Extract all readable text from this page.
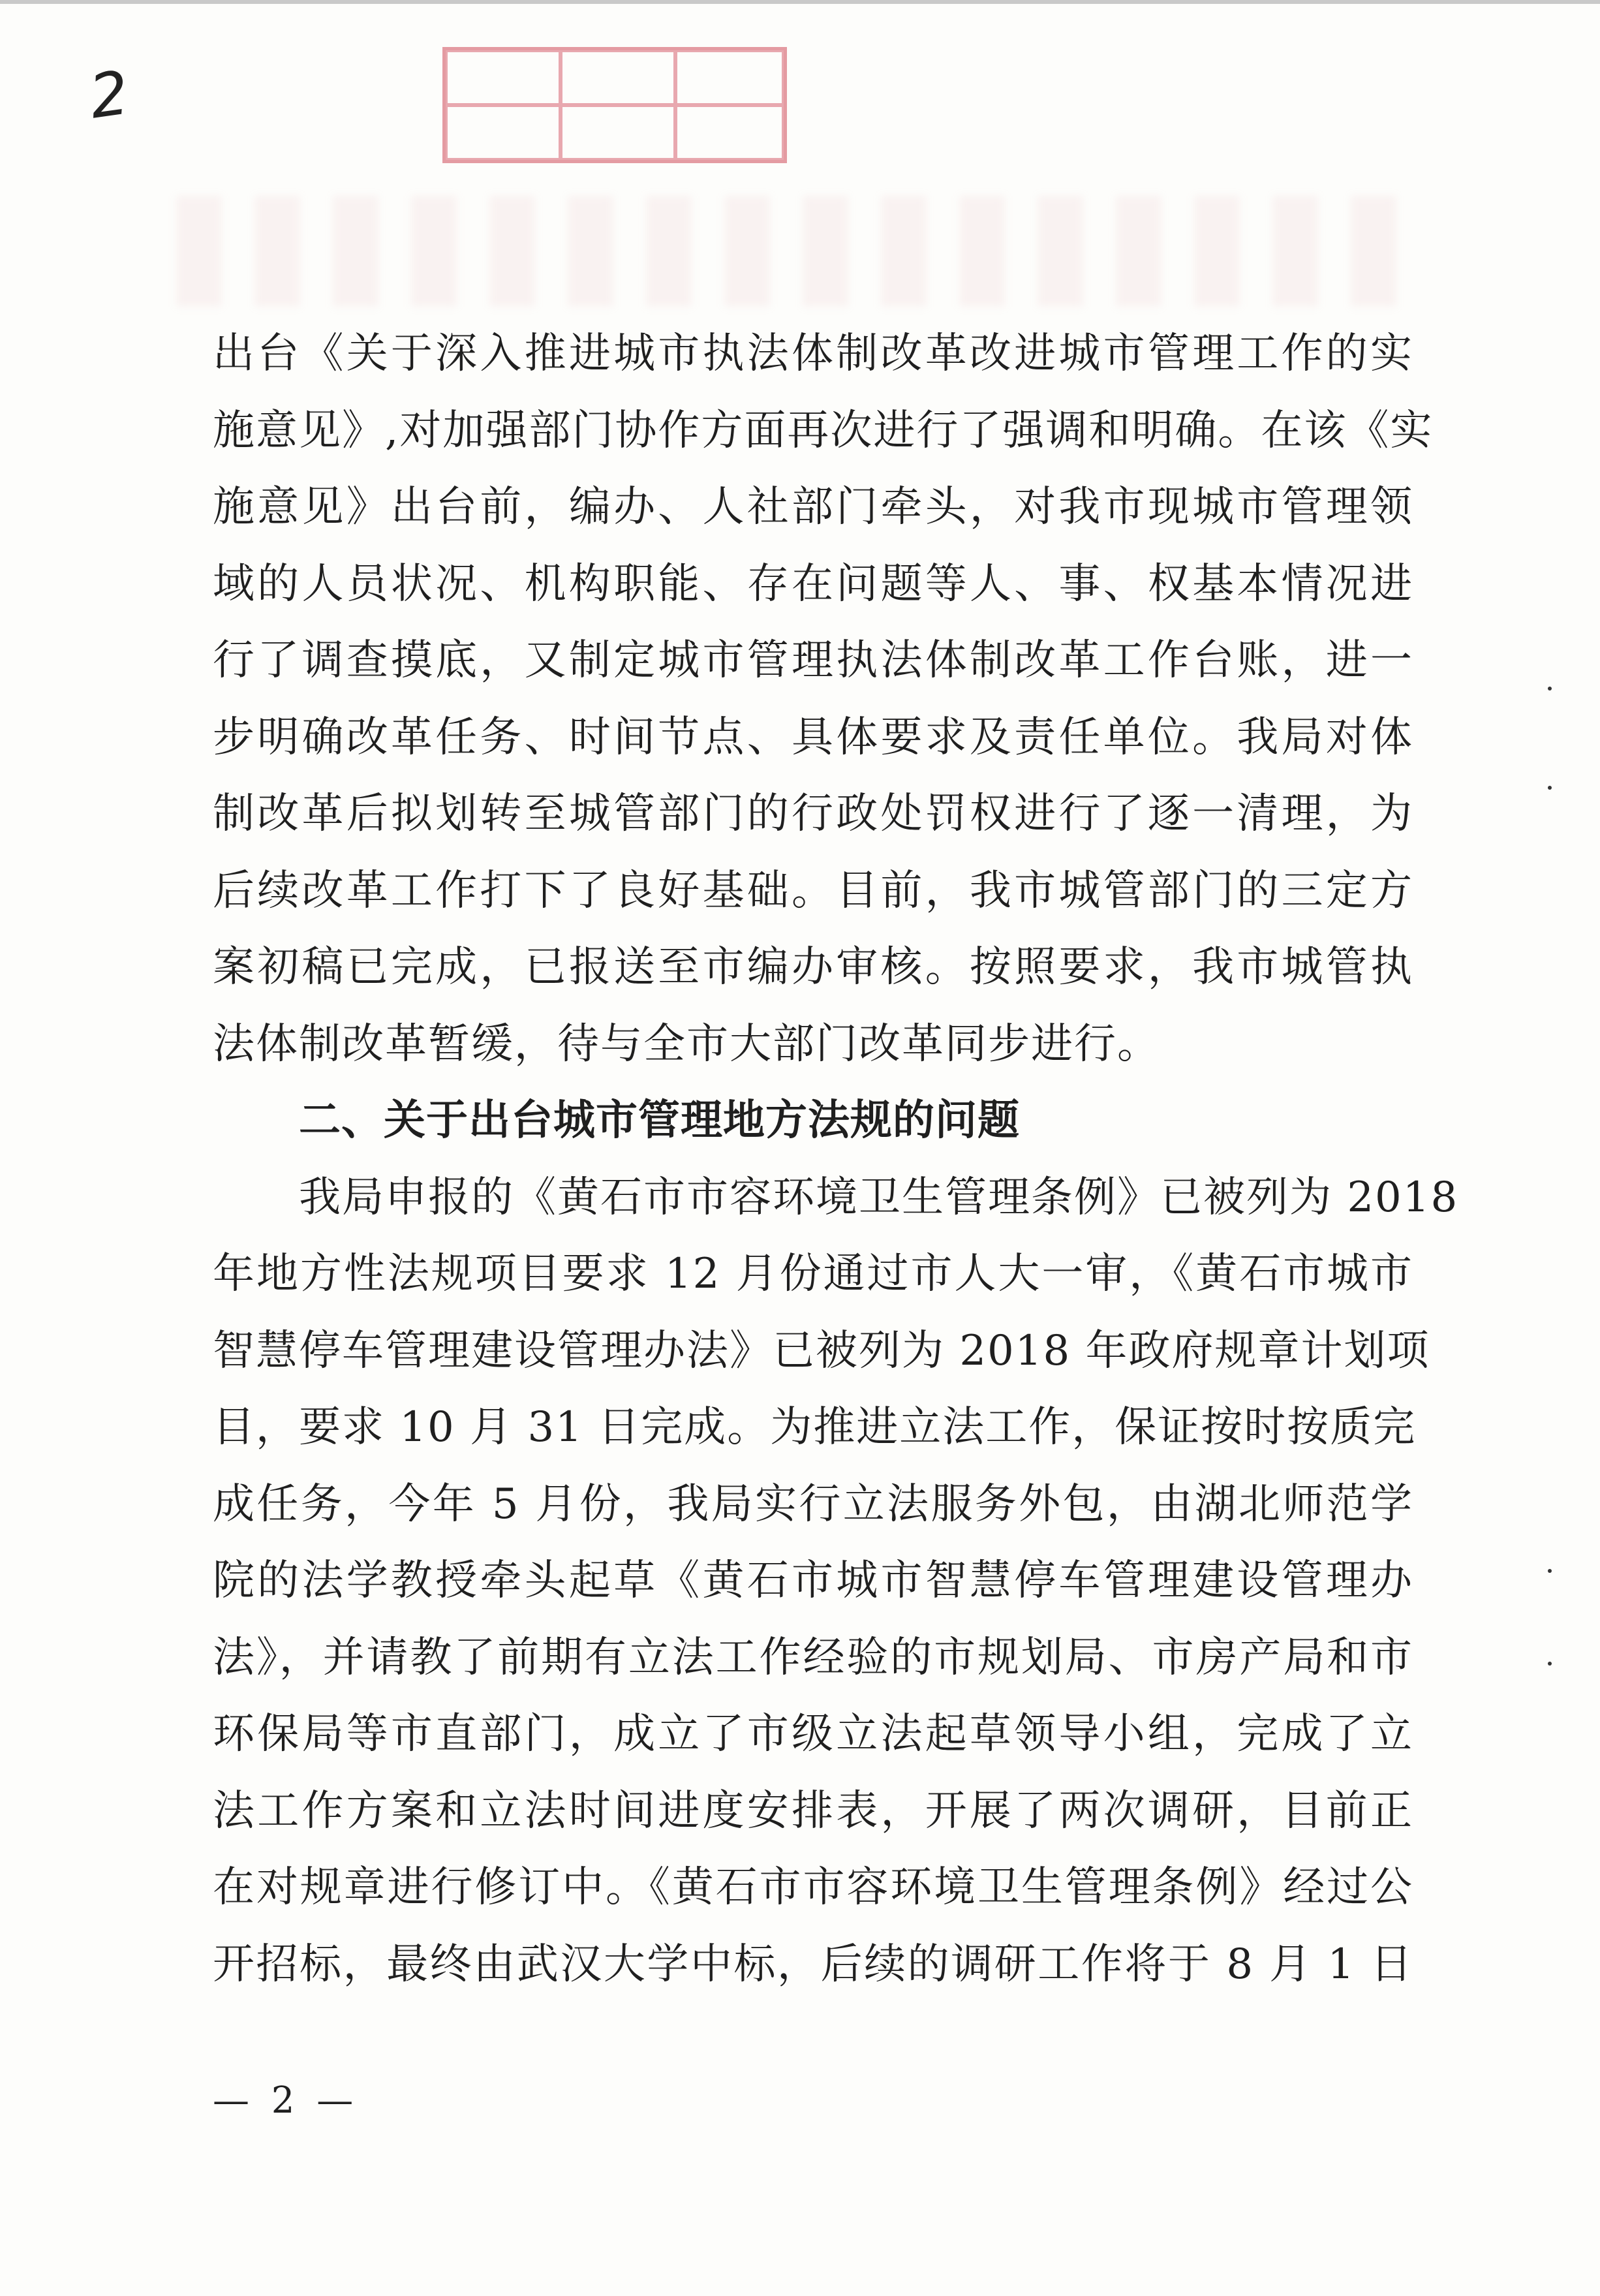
2
出台《关于深入推进城市执法体制改革改进城市管理工作的实
施意见》,对加强部门协作方面再次进行了强调和明确。在该《实
施意见》出台前，编办、人社部门牵头，对我市现城市管理领
域的人员状况、机构职能、存在问题等人、事、权基本情况进
行了调查摸底，又制定城市管理执法体制改革工作台账，进一
步明确改革任务、时间节点、具体要求及责任单位。我局对体
制改革后拟划转至城管部门的行政处罚权进行了逐一清理，为
后续改革工作打下了良好基础。目前，我市城管部门的三定方
案初稿已完成，已报送至市编办审核。按照要求，我市城管执
法体制改革暂缓，待与全市大部门改革同步进行。
二、关于出台城市管理地方法规的问题
我局申报的《黄石市市容环境卫生管理条例》已被列为 2018
年地方性法规项目要求 12 月份通过市人大一审，《黄石市城市
智慧停车管理建设管理办法》已被列为 2018 年政府规章计划项
目，要求 10 月 31 日完成。为推进立法工作，保证按时按质完
成任务，今年 5 月份，我局实行立法服务外包，由湖北师范学
院的法学教授牵头起草《黄石市城市智慧停车管理建设管理办
法》，并请教了前期有立法工作经验的市规划局、市房产局和市
环保局等市直部门，成立了市级立法起草领导小组，完成了立
法工作方案和立法时间进度安排表，开展了两次调研，目前正
在对规章进行修订中。《黄石市市容环境卫生管理条例》经过公
开招标，最终由武汉大学中标，后续的调研工作将于 8 月 1 日
— 2 —
